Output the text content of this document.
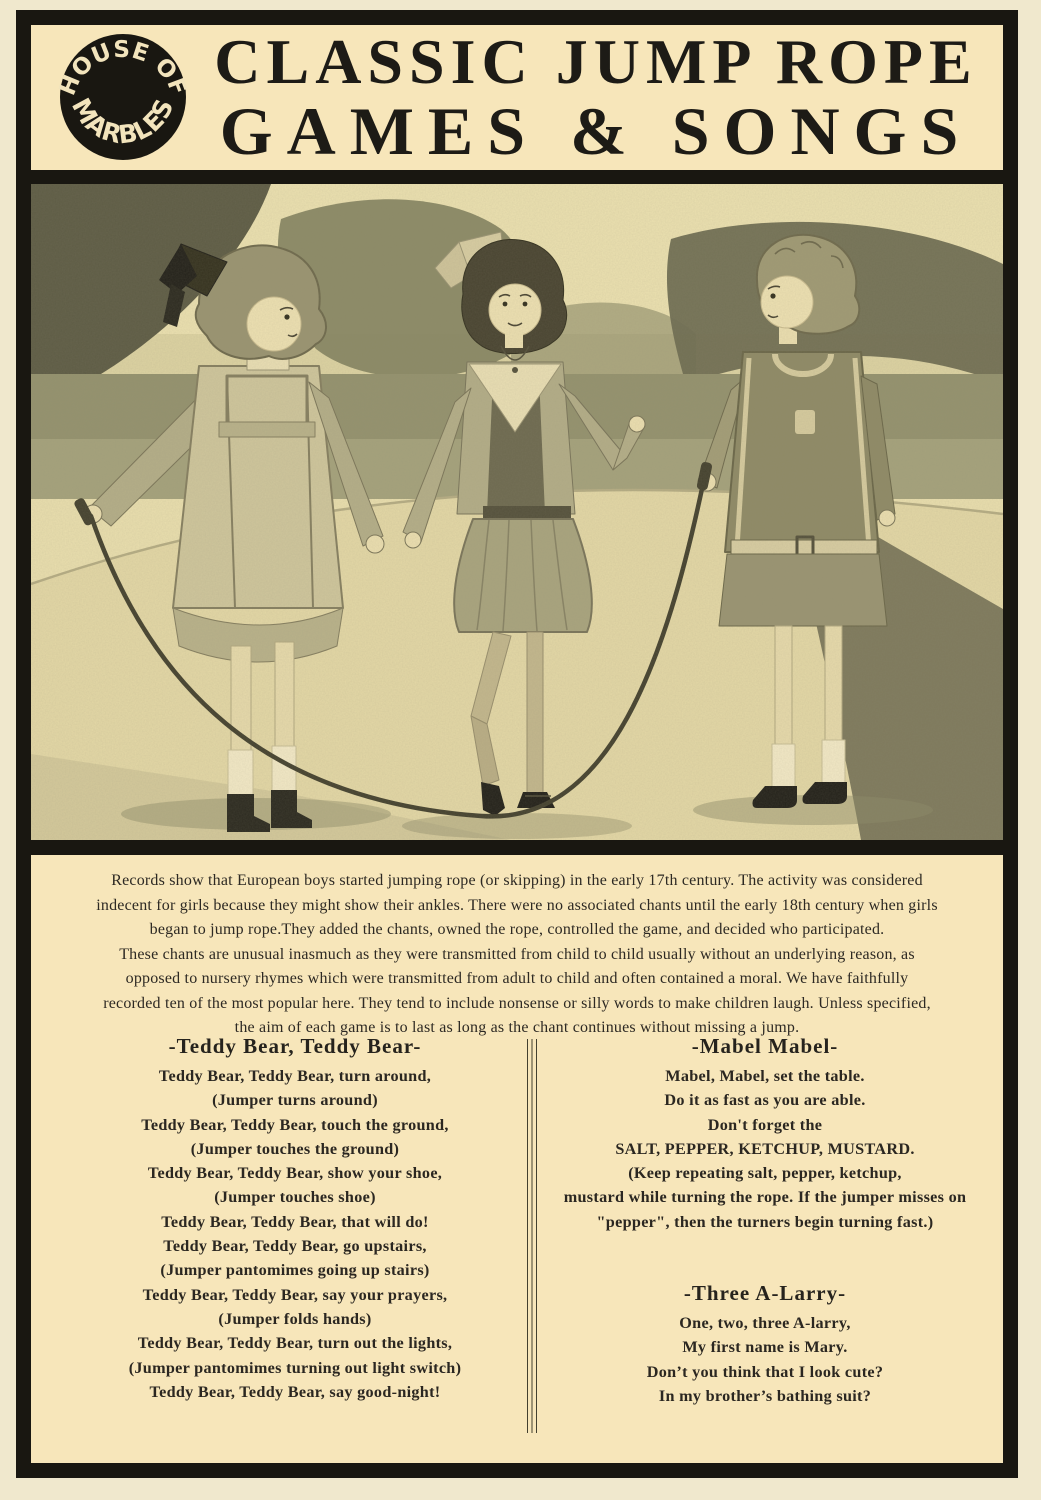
HOUSE OF
MARBLES
CLASSIC JUMP ROPE
GAMES & SONGS
Records show that European boys started jumping rope (or skipping) in the early 17th century. The activity was considered
indecent for girls because they might show their ankles. There were no associated chants until the early 18th century when girls
began to jump rope.They added the chants, owned the rope, controlled the game, and decided who participated.
These chants are unusual inasmuch as they were transmitted from child to child usually without an underlying reason, as
opposed to nursery rhymes which were transmitted from adult to child and often contained a moral. We have faithfully
recorded ten of the most popular here. They tend to include nonsense or silly words to make children laugh. Unless specified,
the aim of each game is to last as long as the chant continues without missing a jump.
-Teddy Bear, Teddy Bear-
Teddy Bear, Teddy Bear, turn around,
(Jumper turns around)
Teddy Bear, Teddy Bear, touch the ground,
(Jumper touches the ground)
Teddy Bear, Teddy Bear, show your shoe,
(Jumper touches shoe)
Teddy Bear, Teddy Bear, that will do!
Teddy Bear, Teddy Bear, go upstairs,
(Jumper pantomimes going up stairs)
Teddy Bear, Teddy Bear, say your prayers,
(Jumper folds hands)
Teddy Bear, Teddy Bear, turn out the lights,
(Jumper pantomimes turning out light switch)
Teddy Bear, Teddy Bear, say good-night!
-Mabel Mabel-
Mabel, Mabel, set the table.
Do it as fast as you are able.
Don't forget the
SALT, PEPPER, KETCHUP, MUSTARD.
(Keep repeating salt, pepper, ketchup,
mustard while turning the rope. If the jumper misses on
"pepper", then the turners begin turning fast.)
-Three A-Larry-
One, two, three A-larry,
My first name is Mary.
Don’t you think that I look cute?
In my brother’s bathing suit?
